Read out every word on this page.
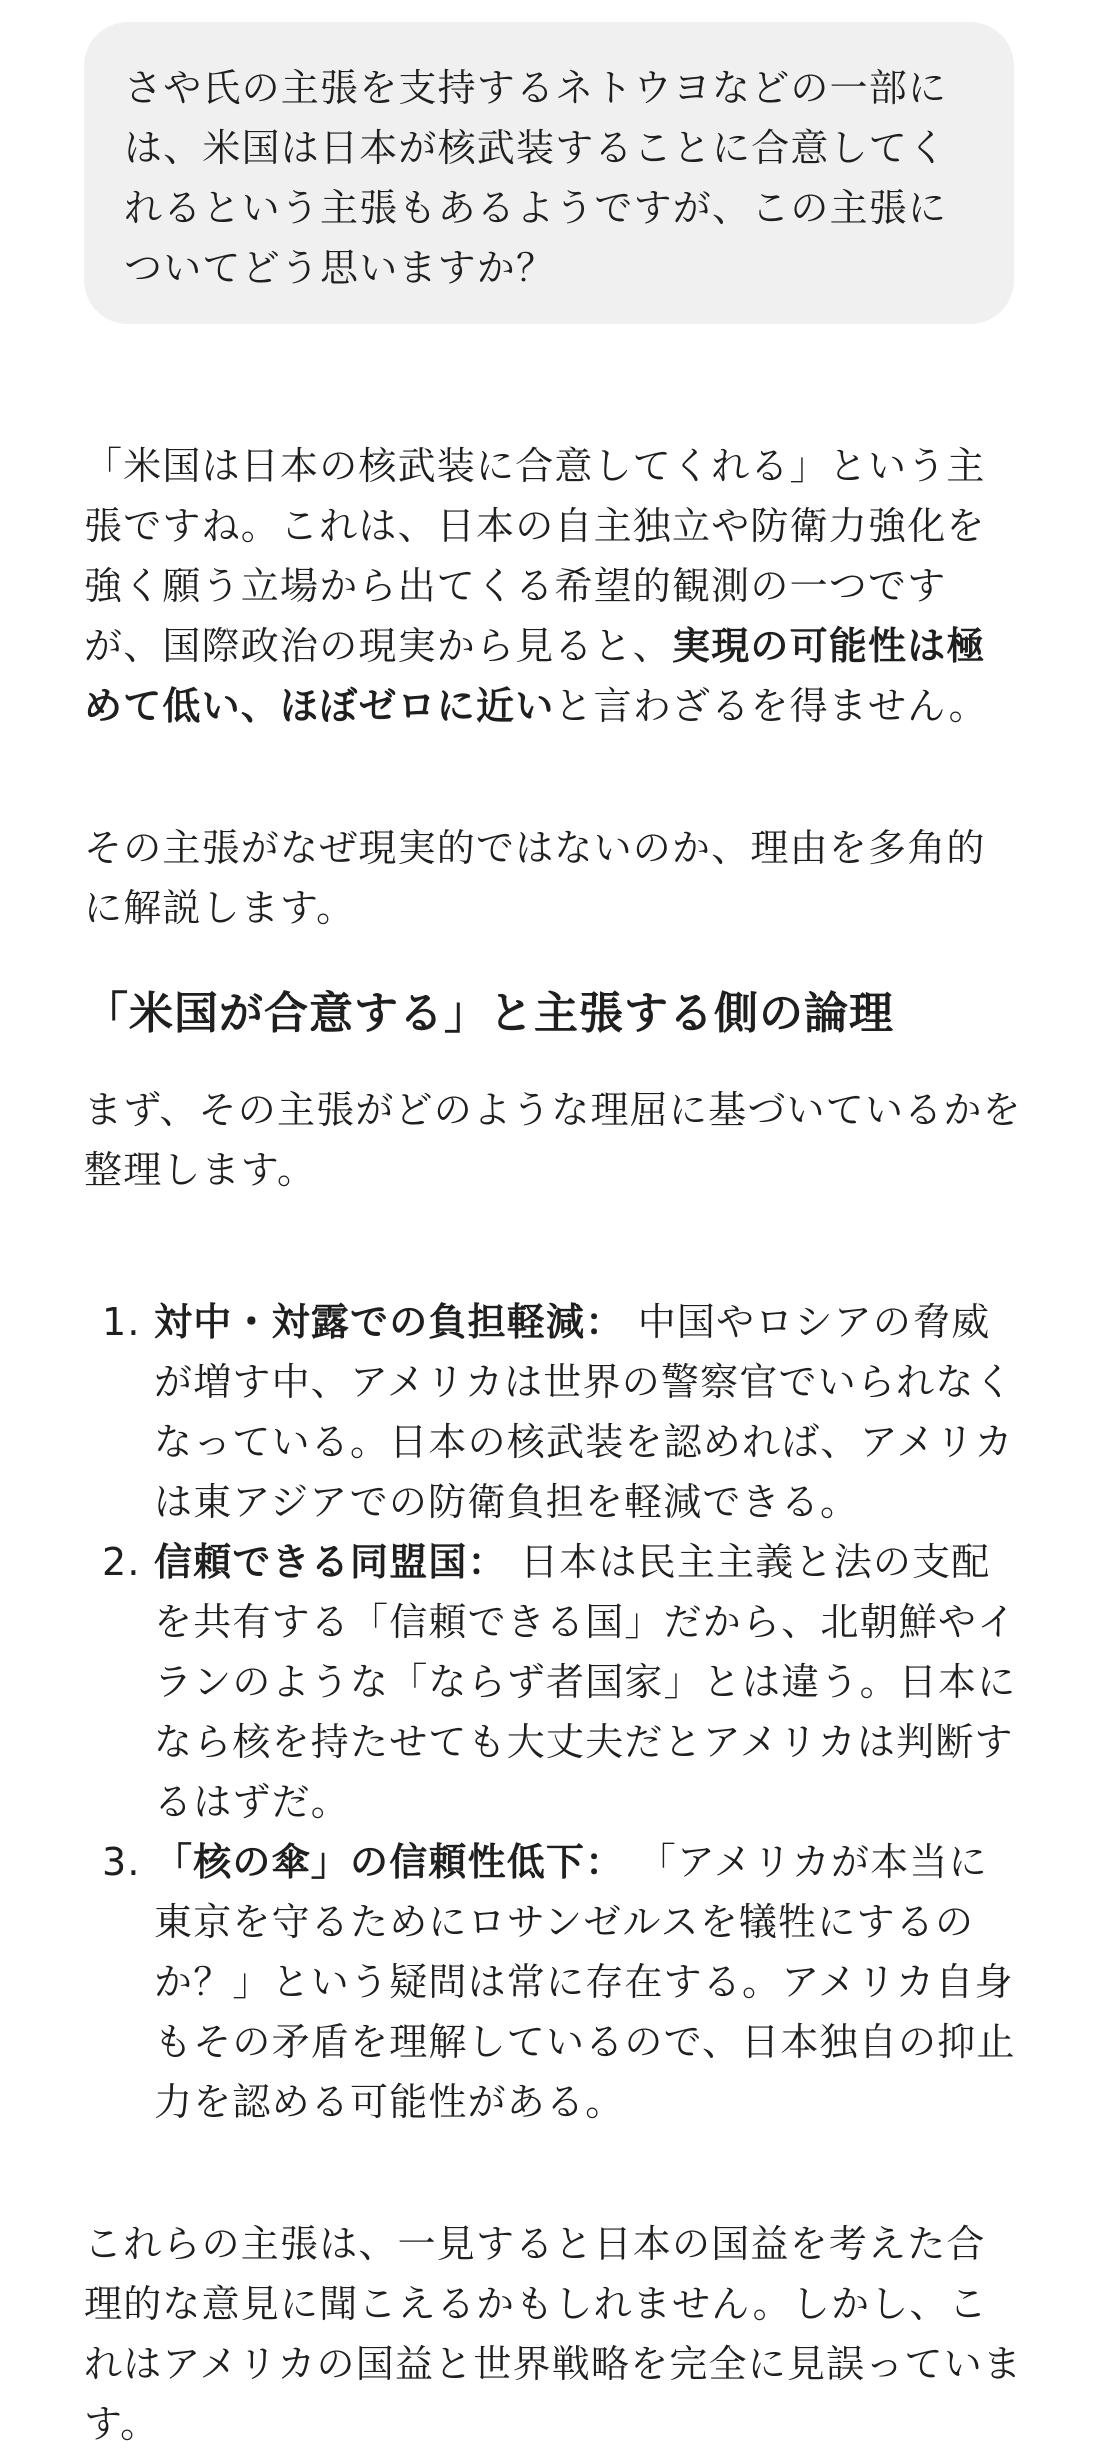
さや氏の主張を支持するネトウヨなどの一部には、米国は日本が核武装することに合意してくれるという主張もあるようですが、この主張についてどう思いますか？

「米国は日本の核武装に合意してくれる」という主張ですね。これは、日本の自主独立や防衛力強化を強く願う立場から出てくる希望的観測の一つですが、国際政治の現実から見ると、実現の可能性は極めて低い、ほぼゼロに近いと言わざるを得ません。

その主張がなぜ現実的ではないのか、理由を多角的に解説します。

「米国が合意する」と主張する側の論理

まず、その主張がどのような理屈に基づいているかを整理します。

1. 対中・対露での負担軽減： 中国やロシアの脅威が増す中、アメリカは世界の警察官でいられなくなっている。日本の核武装を認めれば、アメリカは東アジアでの防衛負担を軽減できる。
2. 信頼できる同盟国： 日本は民主主義と法の支配を共有する「信頼できる国」だから、北朝鮮やイランのような「ならず者国家」とは違う。日本になら核を持たせても大丈夫だとアメリカは判断するはずだ。
3. 「核の傘」の信頼性低下： 「アメリカが本当に東京を守るためにロサンゼルスを犠牲にするのか？」という疑問は常に存在する。アメリカ自身もその矛盾を理解しているので、日本独自の抑止力を認める可能性がある。

これらの主張は、一見すると日本の国益を考えた合理的な意見に聞こえるかもしれません。しかし、これはアメリカの国益と世界戦略を完全に見誤っています。
